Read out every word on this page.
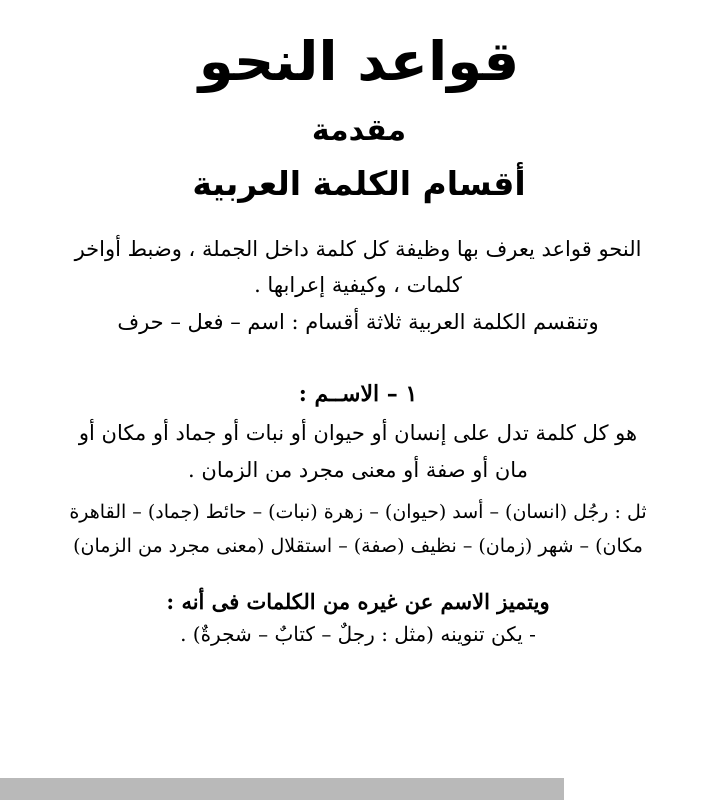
قواعد النحو
مقدمة
أقسام الكلمة العربية

النحو قواعد يعرف بها وظيفة كل كلمة داخل الجملة ، وضبط أواخر

كلمات ، وكيفية إعرابها .

وتنقسم الكلمة العربية ثلاثة أقسام : اسم – فعل – حرف

١ – الاســم :

هو كل كلمة تدل على إنسان أو حيوان أو نبات أو جماد أو مكان أو

مان أو صفة أو معنى مجرد من الزمان .

ثل : رجُل (انسان) – أسد (حيوان) – زهرة (نبات) – حائط (جماد) – القاهرة

مكان) – شهر (زمان) – نظيف (صفة) – استقلال (معنى مجرد من الزمان)

ويتميز الاسم عن غيره من الكلمات فى أنه :

- يكن تنوينه (مثل : رجلٌ – كتابٌ – شجرةٌ) .
